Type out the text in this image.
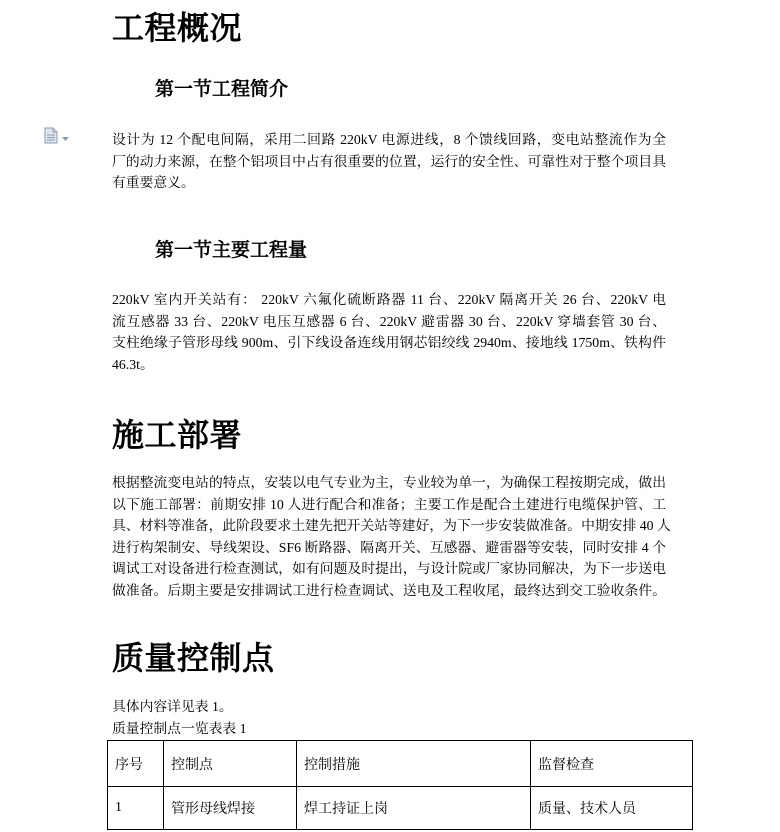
工程概况
第一节工程简介
设计为 12 个配电间隔，采用二回路 220kV 电源进线，8 个馈线回路，变电站整流作为全
厂的动力来源，在整个铝项目中占有很重要的位置，运行的安全性、可靠性对于整个项目具
有重要意义。
第一节主要工程量
220kV 室内开关站有： 220kV 六氟化硫断路器 11 台、220kV 隔离开关 26 台、220kV 电
流互感器 33 台、220kV 电压互感器 6 台、220kV 避雷器 30 台、220kV 穿墙套管 30 台、
支柱绝缘子管形母线 900m、引下线设备连线用钢芯铝绞线 2940m、接地线 1750m、铁构件
46.3t。
施工部署
根据整流变电站的特点，安装以电气专业为主，专业较为单一，为确保工程按期完成，做出
以下施工部署：前期安排 10 人进行配合和准备；主要工作是配合土建进行电缆保护管、工
具、材料等准备，此阶段要求土建先把开关站等建好，为下一步安装做准备。中期安排 40 人
进行构架制安、导线架设、SF6 断路器、隔离开关、互感器、避雷器等安装，同时安排 4 个
调试工对设备进行检查测试，如有问题及时提出，与设计院或厂家协同解决，为下一步送电
做准备。后期主要是安排调试工进行检查调试、送电及工程收尾，最终达到交工验收条件。
质量控制点
具体内容详见表 1。
质量控制点一览表表 1
序号	控制点	控制措施	监督检查
1	管形母线焊接	焊工持证上岗	质量、技术人员
